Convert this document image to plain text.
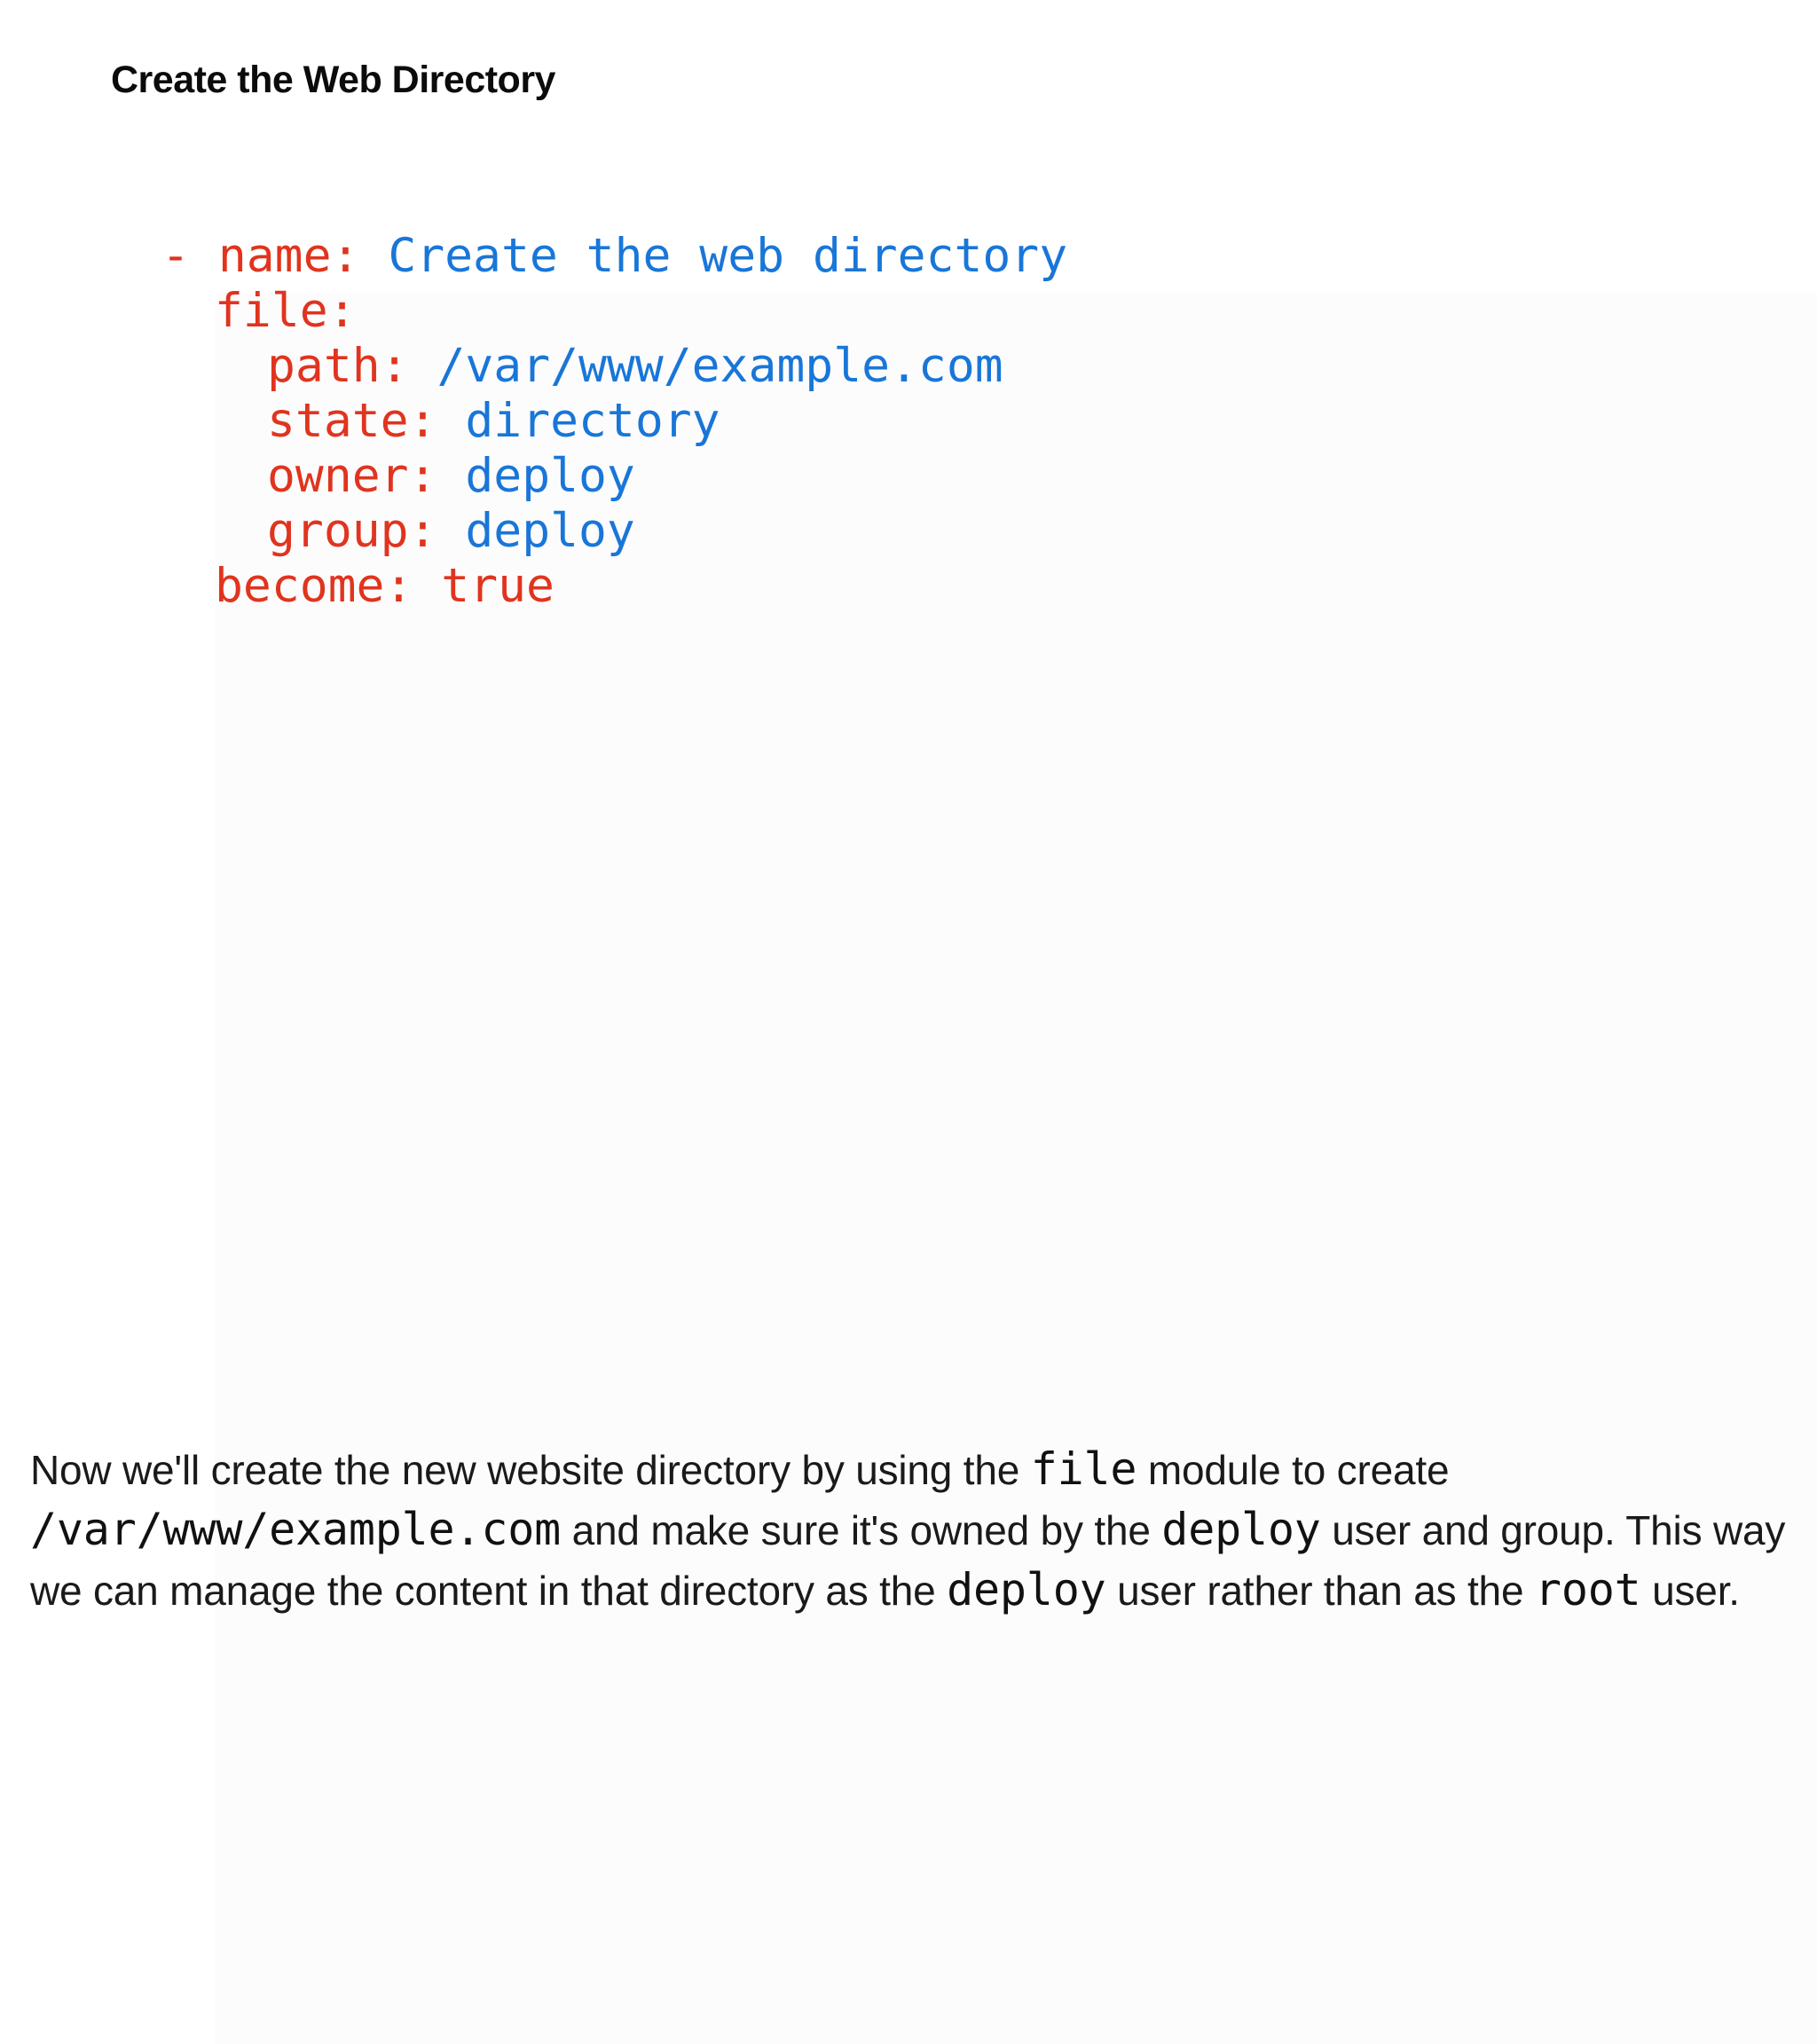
Create the Web Directory
- name: Create the web directory
file:
path: /var/www/example.com
state: directory
owner: deploy
group: deploy
become: true

Now we'll create the new website directory by using the file module to create /var/www/example.com and make sure it's owned by the deploy user and group. This way we can manage the content in that directory as the deploy user rather than as the root user.
